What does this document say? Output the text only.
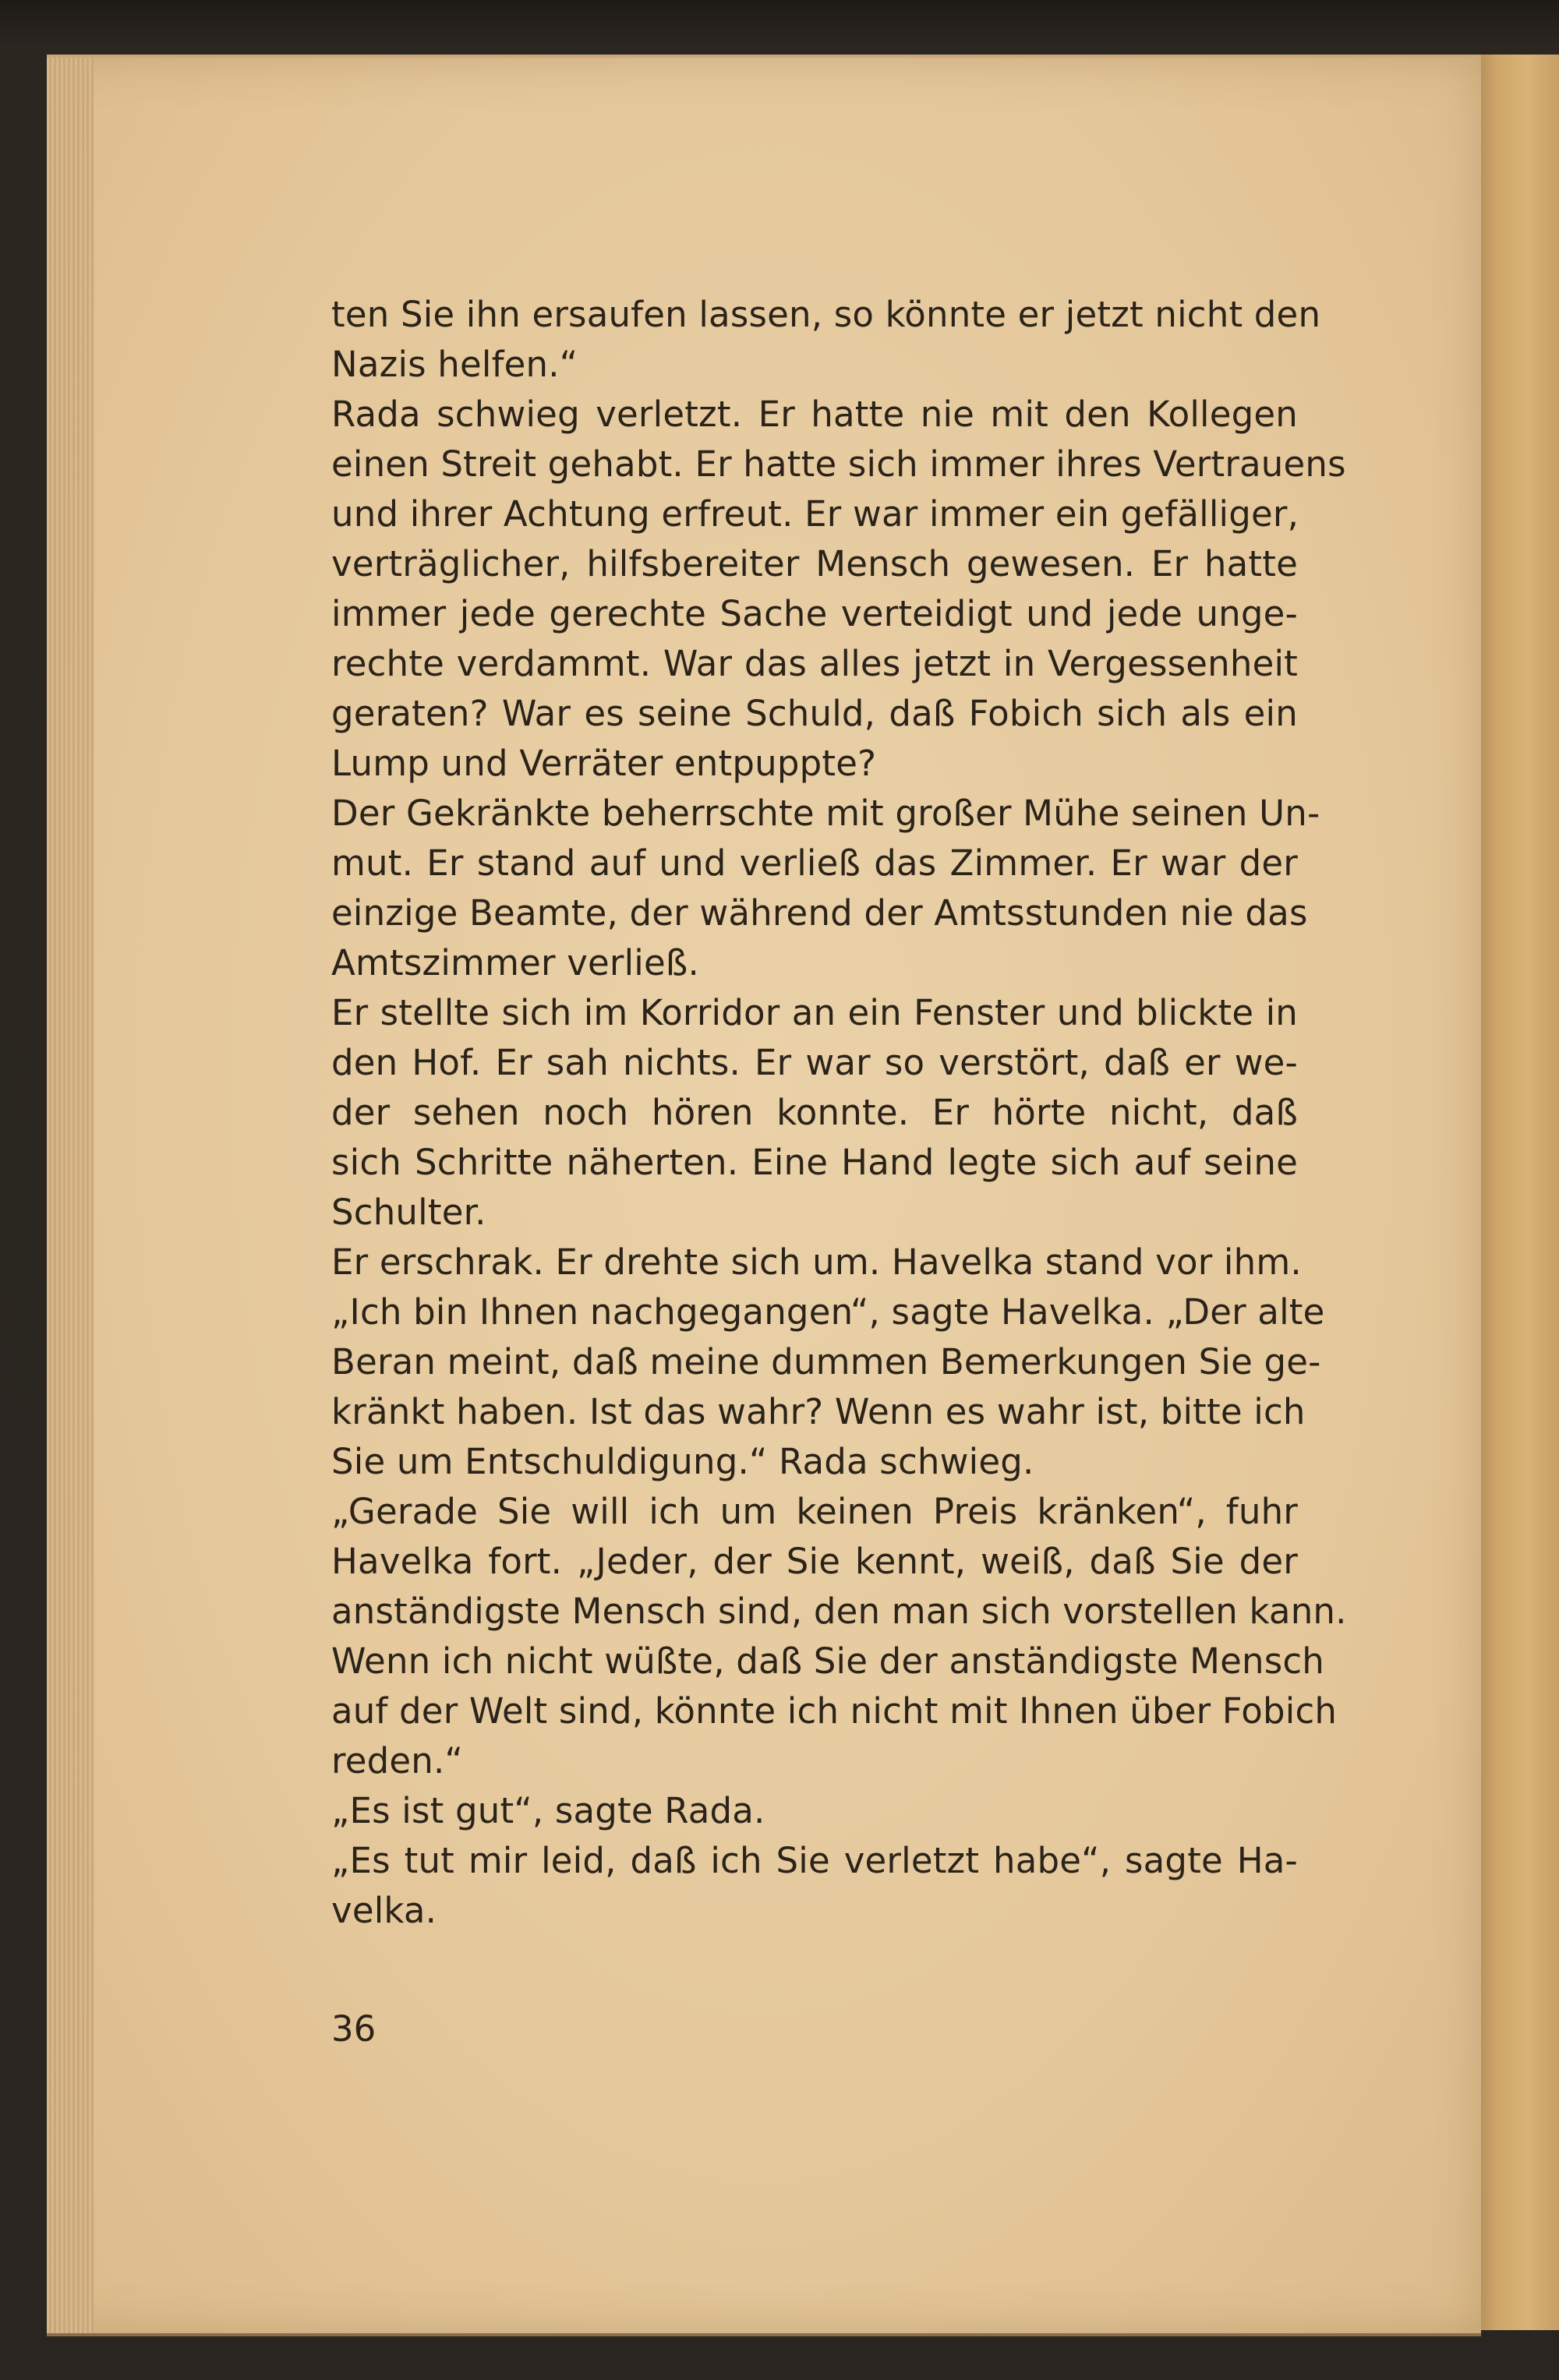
ten Sie ihn ersaufen lassen, so könnte er jetzt nicht den
Nazis helfen.“
Rada schwieg verletzt. Er hatte nie mit den Kollegen
einen Streit gehabt. Er hatte sich immer ihres Vertrauens
und ihrer Achtung erfreut. Er war immer ein gefälliger,
verträglicher, hilfsbereiter Mensch gewesen. Er hatte
immer jede gerechte Sache verteidigt und jede unge-
rechte verdammt. War das alles jetzt in Vergessenheit
geraten? War es seine Schuld, daß Fobich sich als ein
Lump und Verräter entpuppte?
Der Gekränkte beherrschte mit großer Mühe seinen Un-
mut. Er stand auf und verließ das Zimmer. Er war der
einzige Beamte, der während der Amtsstunden nie das
Amtszimmer verließ.
Er stellte sich im Korridor an ein Fenster und blickte in
den Hof. Er sah nichts. Er war so verstört, daß er we-
der sehen noch hören konnte. Er hörte nicht, daß
sich Schritte näherten. Eine Hand legte sich auf seine
Schulter.
Er erschrak. Er drehte sich um. Havelka stand vor ihm.
„Ich bin Ihnen nachgegangen“, sagte Havelka. „Der alte
Beran meint, daß meine dummen Bemerkungen Sie ge-
kränkt haben. Ist das wahr? Wenn es wahr ist, bitte ich
Sie um Entschuldigung.“ Rada schwieg.
„Gerade Sie will ich um keinen Preis kränken“, fuhr
Havelka fort. „Jeder, der Sie kennt, weiß, daß Sie der
anständigste Mensch sind, den man sich vorstellen kann.
Wenn ich nicht wüßte, daß Sie der anständigste Mensch
auf der Welt sind, könnte ich nicht mit Ihnen über Fobich
reden.“
„Es ist gut“, sagte Rada.
„Es tut mir leid, daß ich Sie verletzt habe“, sagte Ha-
velka.
36
